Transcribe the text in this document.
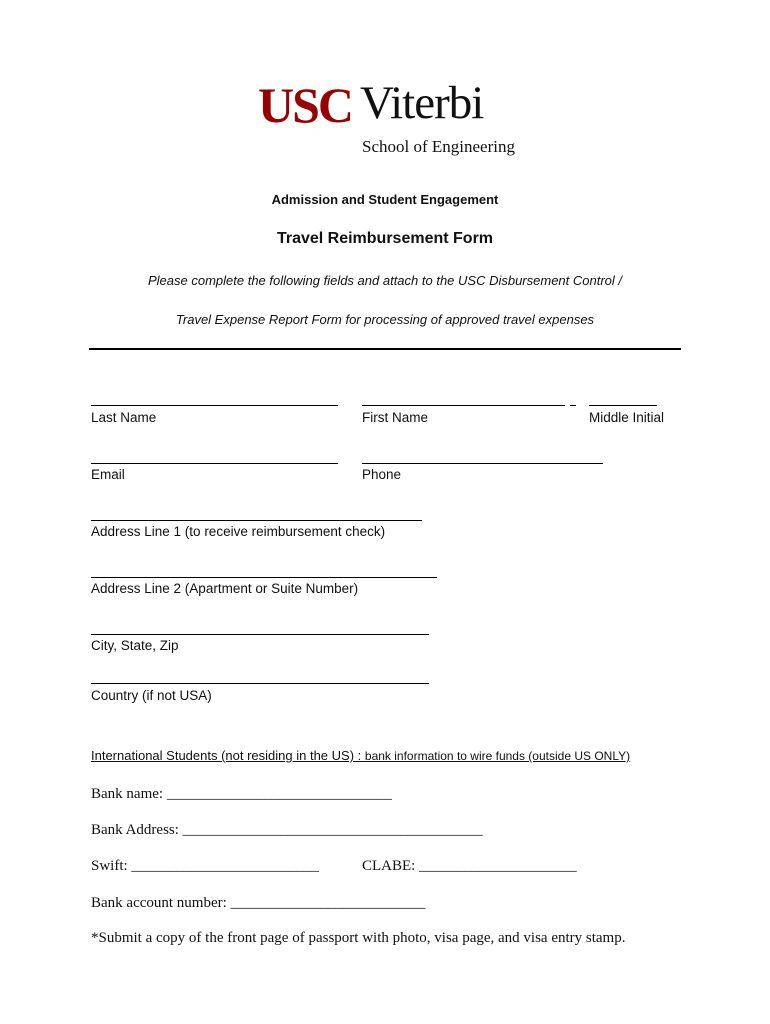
USC Viterbi
School of Engineering
Admission and Student Engagement
Travel Reimbursement Form
Please complete the following fields and attach to the USC Disbursement Control /
Travel Expense Report Form for processing of approved travel expenses
Last Name	First Name	Middle Initial
Email	Phone
Address Line 1 (to receive reimbursement check)
Address Line 2 (Apartment or Suite Number)
City, State, Zip
Country (if not USA)
International Students (not residing in the US) : bank information to wire funds (outside US ONLY)
Bank name: ______________________________
Bank Address: ________________________________________
Swift: _________________________	CLABE: _____________________
Bank account number: __________________________
*Submit a copy of the front page of passport with photo, visa page, and visa entry stamp.
